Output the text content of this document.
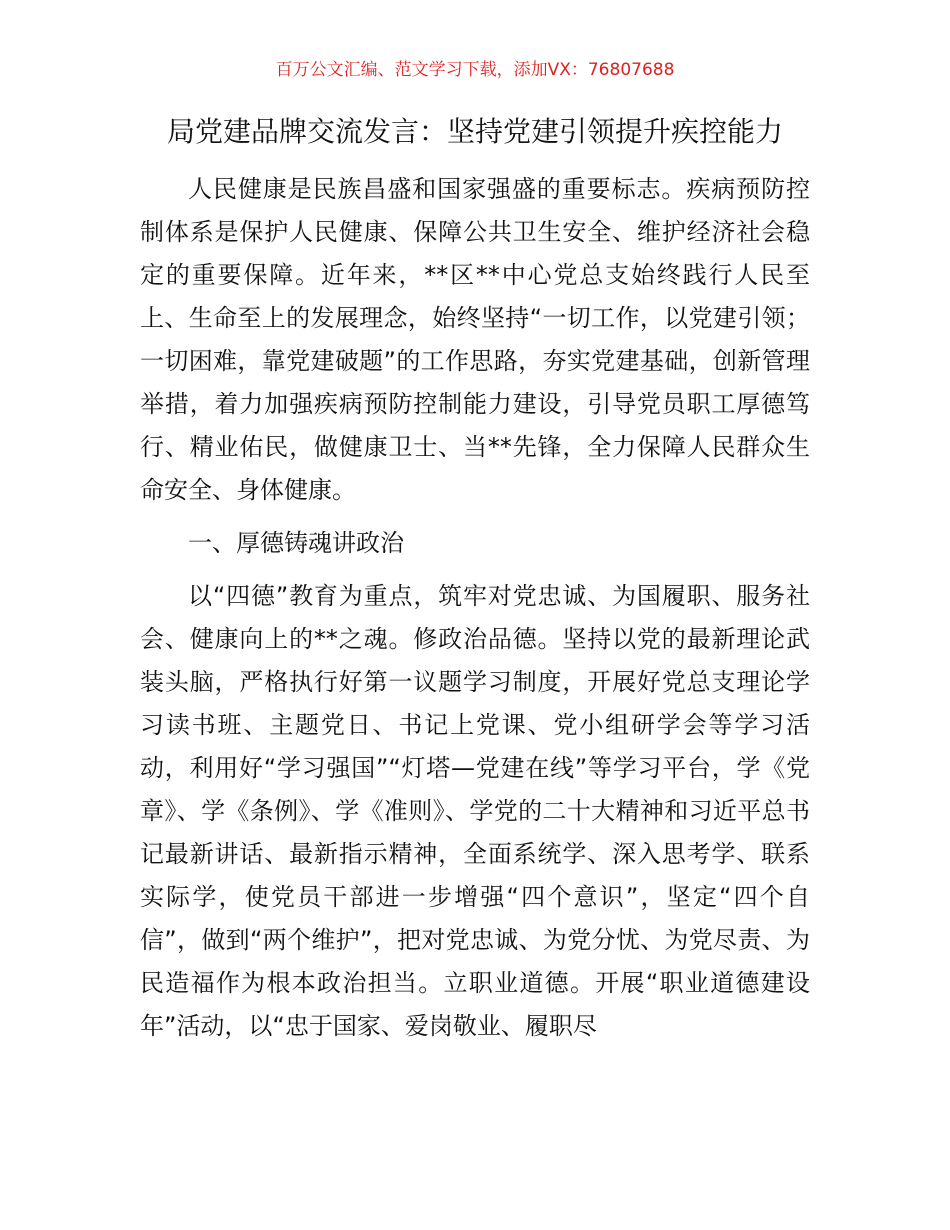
百万公文汇编、范文学习下载，添加VX：76807688
局党建品牌交流发言：坚持党建引领提升疾控能力

人民健康是民族昌盛和国家强盛的重要标志。疾病预防控制体系是保护人民健康、保障公共卫生安全、维护经济社会稳定的重要保障。近年来，**区**中心党总支始终践行人民至上、生命至上的发展理念，始终坚持“一切工作，以党建引领；一切困难，靠党建破题”的工作思路，夯实党建基础，创新管理举措，着力加强疾病预防控制能力建设，引导党员职工厚德笃行、精业佑民，做健康卫士、当**先锋，全力保障人民群众生命安全、身体健康。

一、厚德铸魂讲政治

以“四德”教育为重点，筑牢对党忠诚、为国履职、服务社会、健康向上的**之魂。修政治品德。坚持以党的最新理论武装头脑，严格执行好第一议题学习制度，开展好党总支理论学习读书班、主题党日、书记上党课、党小组研学会等学习活动，利用好“学习强国”“灯塔—党建在线”等学习平台，学《党章》、学《条例》、学《准则》、学党的二十大精神和习近平总书记最新讲话、最新指示精神，全面系统学、深入思考学、联系实际学，使党员干部进一步增强“四个意识”，坚定“四个自信”，做到“两个维护”，把对党忠诚、为党分忧、为党尽责、为民造福作为根本政治担当。立职业道德。开展“职业道德建设年”活动，以“忠于国家、爱岗敬业、履职尽
